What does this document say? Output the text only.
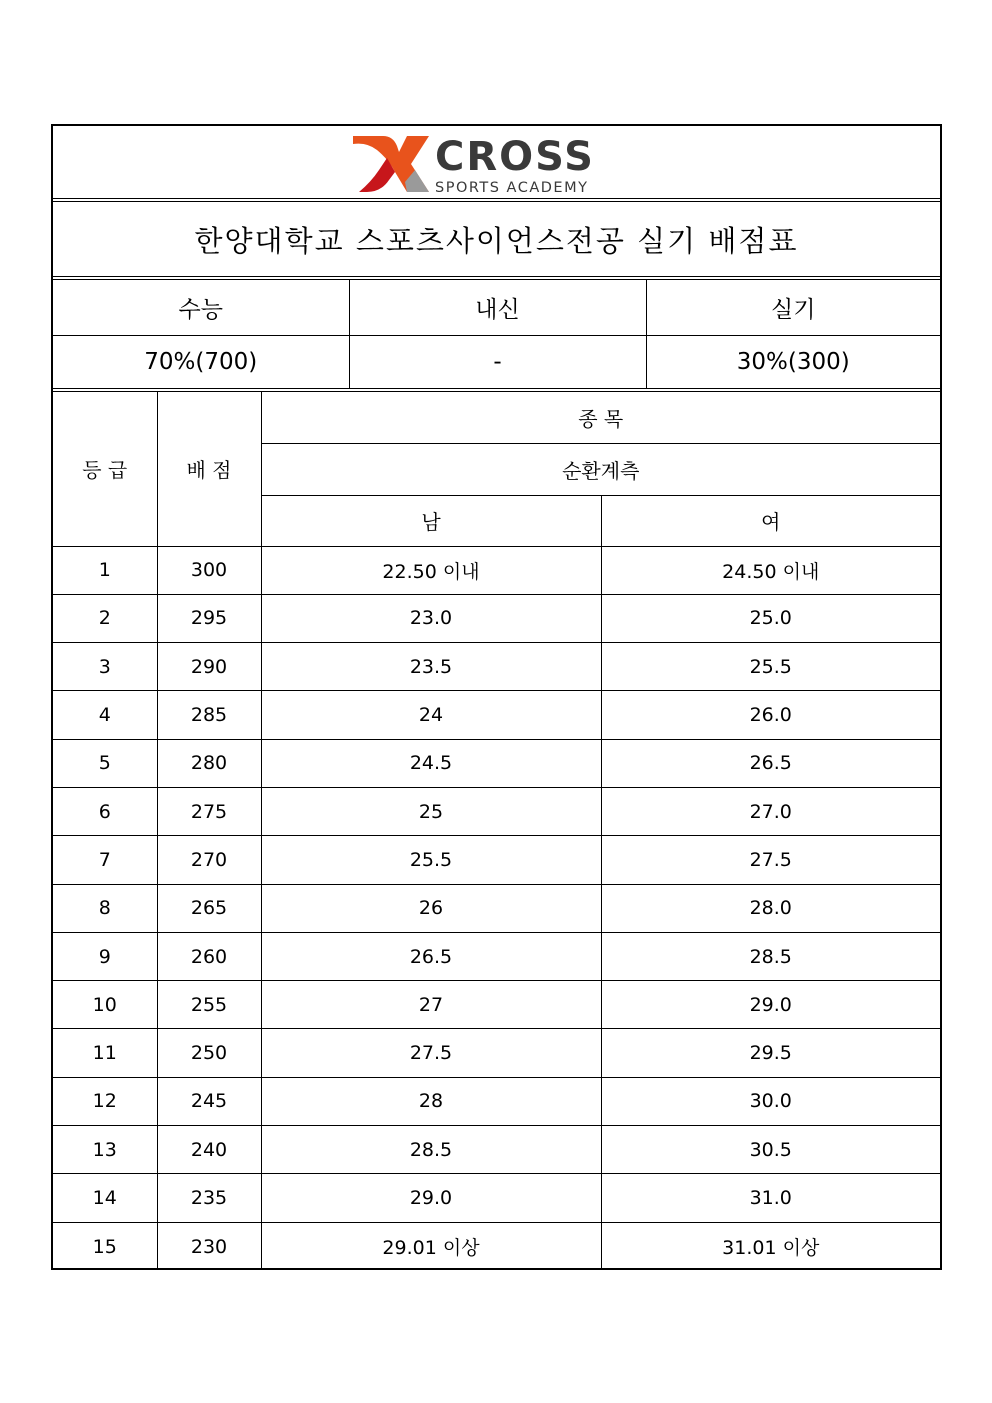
CROSS
SPORTS ACADEMY
한양대학교 스포츠사이언스전공 실기 배점표
수능	내신	실기
70%(700)	-	30%(300)
등 급	배 점	종 목	
		순환계측	
		남	여
1	300	22.50 이내	24.50 이내
2	295	23.0	25.0
3	290	23.5	25.5
4	285	24	26.0
5	280	24.5	26.5
6	275	25	27.0
7	270	25.5	27.5
8	265	26	28.0
9	260	26.5	28.5
10	255	27	29.0
11	250	27.5	29.5
12	245	28	30.0
13	240	28.5	30.5
14	235	29.0	31.0
15	230	29.01 이상	31.01 이상
